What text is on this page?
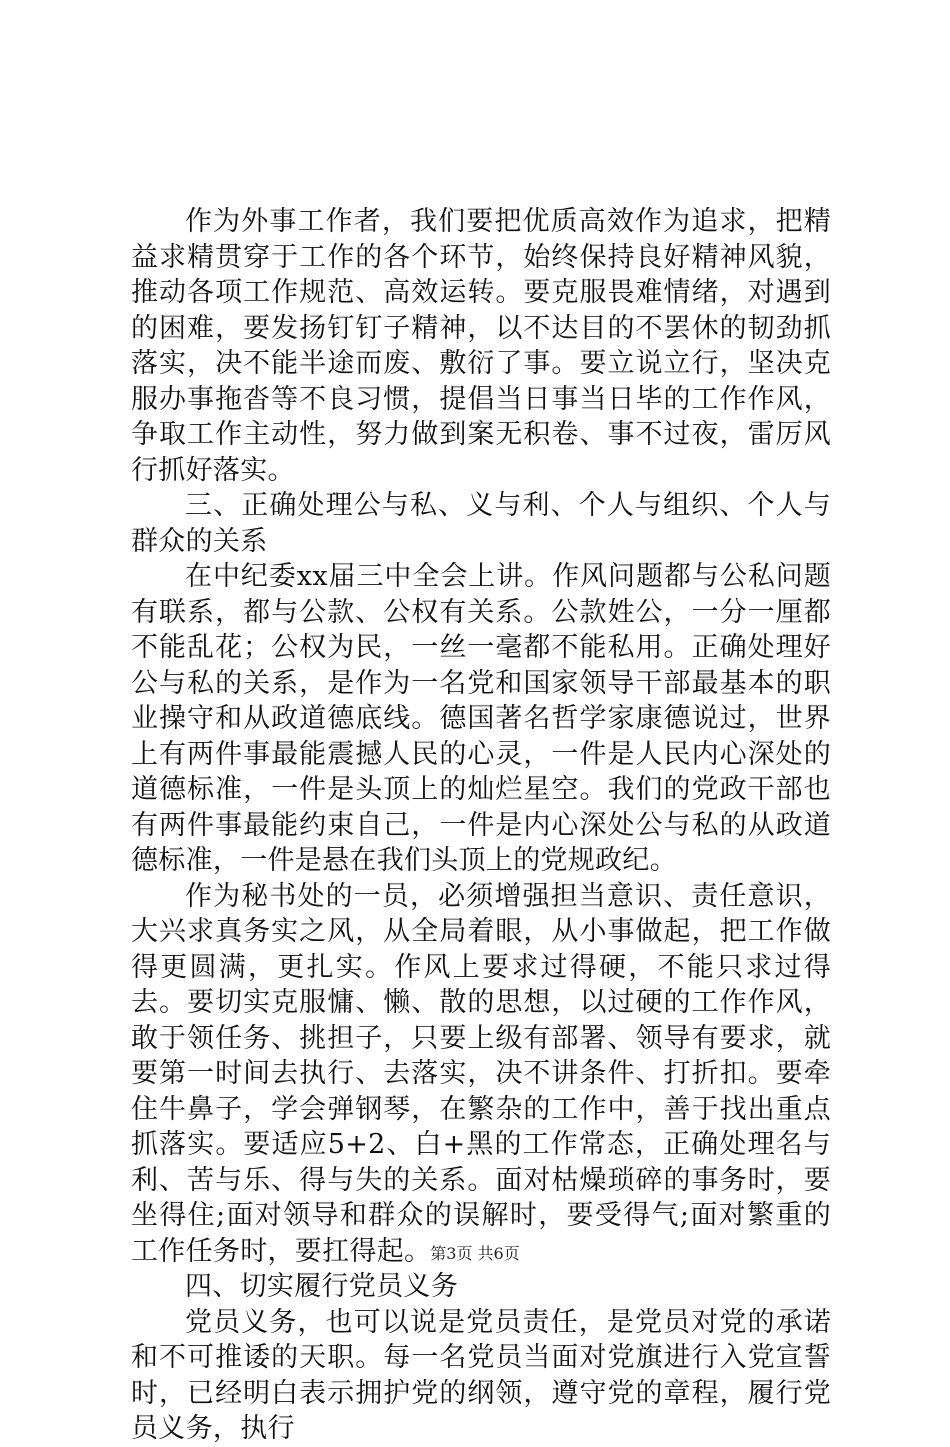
作为外事工作者，我们要把优质高效作为追求，把精益求精贯穿于工作的各个环节，始终保持良好精神风貌，推动各项工作规范、高效运转。要克服畏难情绪，对遇到的困难，要发扬钉钉子精神，以不达目的不罢休的韧劲抓落实，决不能半途而废、敷衍了事。要立说立行，坚决克服办事拖沓等不良习惯，提倡当日事当日毕的工作作风，争取工作主动性，努力做到案无积卷、事不过夜，雷厉风行抓好落实。

三、正确处理公与私、义与利、个人与组织、个人与群众的关系

在中纪委xx届三中全会上讲。作风问题都与公私问题有联系，都与公款、公权有关系。公款姓公，一分一厘都不能乱花；公权为民，一丝一毫都不能私用。正确处理好公与私的关系，是作为一名党和国家领导干部最基本的职业操守和从政道德底线。德国著名哲学家康德说过，世界上有两件事最能震撼人民的心灵，一件是人民内心深处的道德标准，一件是头顶上的灿烂星空。我们的党政干部也有两件事最能约束自己，一件是内心深处公与私的从政道德标准，一件是悬在我们头顶上的党规政纪。

作为秘书处的一员，必须增强担当意识、责任意识，大兴求真务实之风，从全局着眼，从小事做起，把工作做得更圆满，更扎实。作风上要求过得硬，不能只求过得去。要切实克服慵、懒、散的思想，以过硬的工作作风，敢于领任务、挑担子，只要上级有部署、领导有要求，就要第一时间去执行、去落实，决不讲条件、打折扣。要牵住牛鼻子，学会弹钢琴，在繁杂的工作中，善于找出重点抓落实。要适应5+2、白+黑的工作常态，正确处理名与利、苦与乐、得与失的关系。面对枯燥琐碎的事务时，要坐得住;面对领导和群众的误解时，要受得气;面对繁重的工作任务时，要扛得起。

四、切实履行党员义务

党员义务，也可以说是党员责任，是党员对党的承诺和不可推诿的天职。每一名党员当面对党旗进行入党宣誓时，已经明白表示拥护党的纲领，遵守党的章程，履行党员义务，执行

第3页 共6页
